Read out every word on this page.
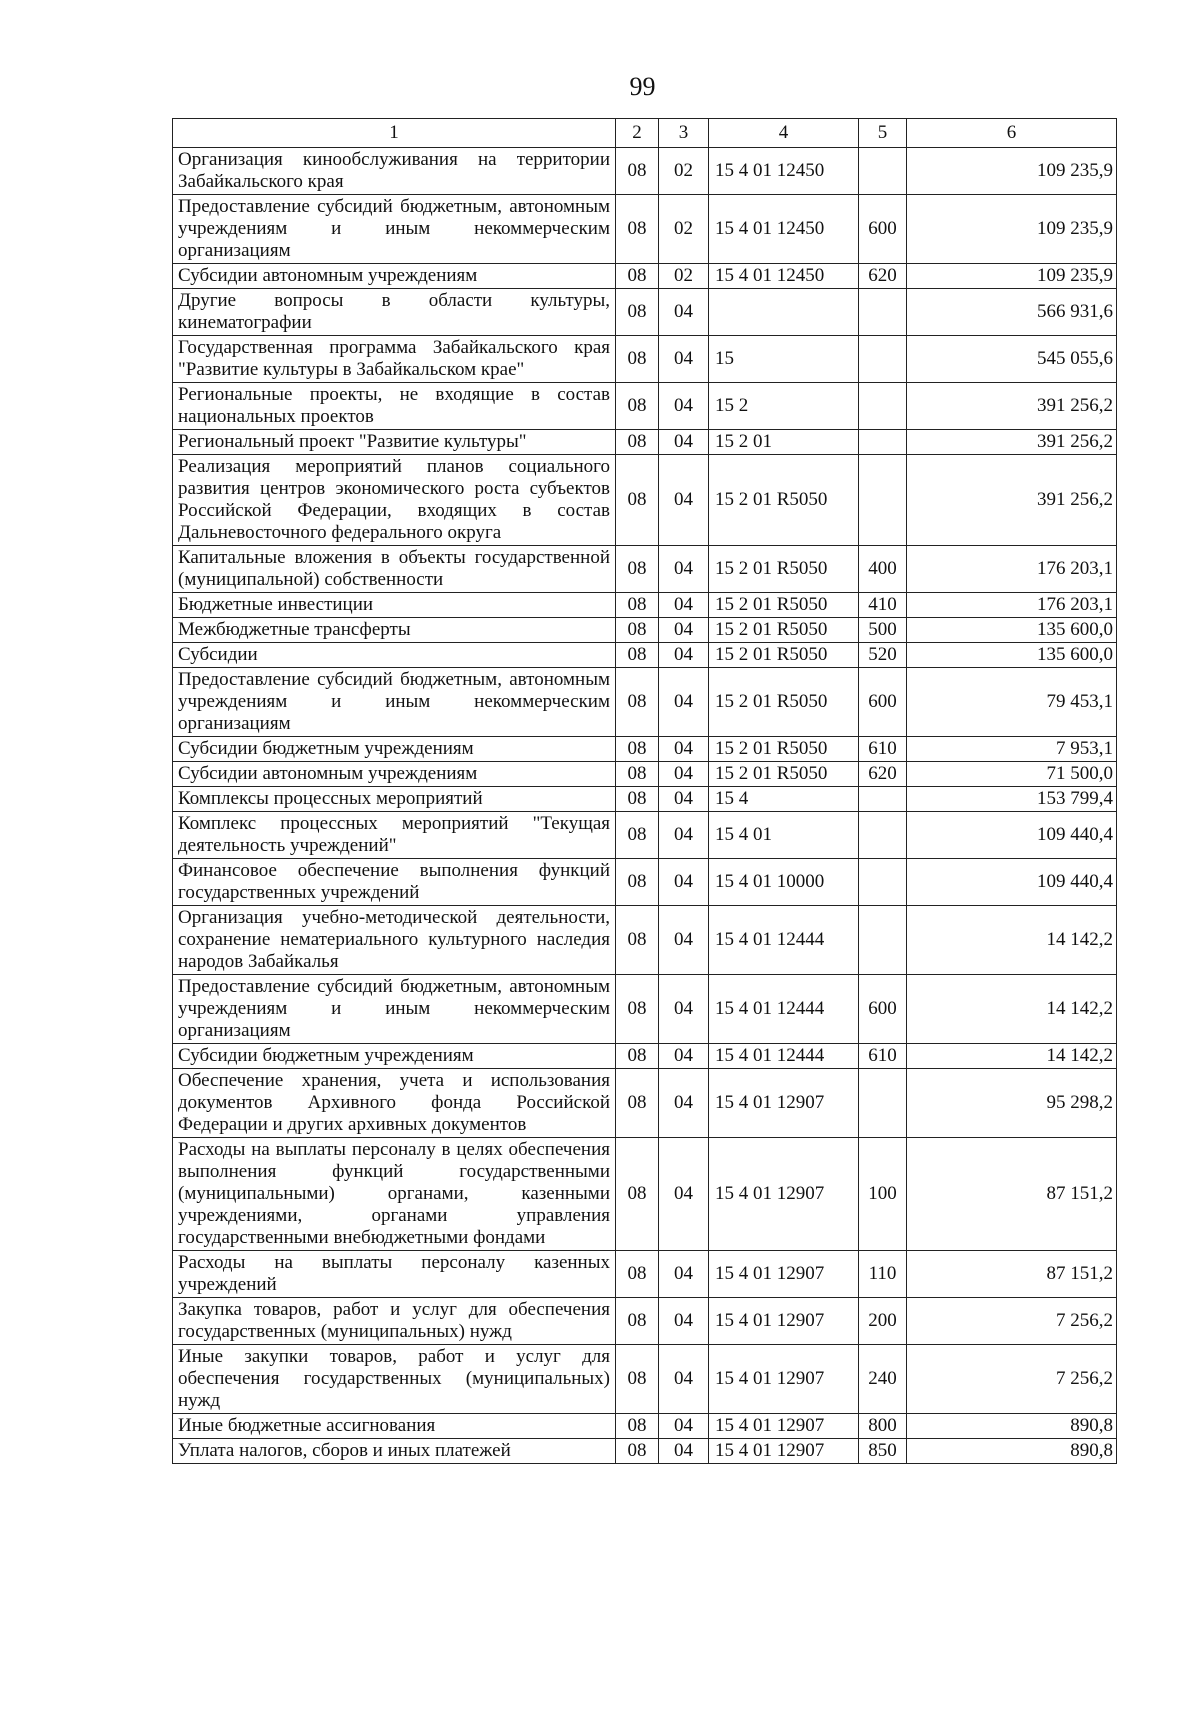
99
1	2	3	4	5	6
Организация кинообслуживания на территории Забайкальского края	08	02	15 4 01 12450		109 235,9
Предоставление субсидий бюджетным, автономным учреждениям и иным некоммерческим организациям	08	02	15 4 01 12450	600	109 235,9
Субсидии автономным учреждениям	08	02	15 4 01 12450	620	109 235,9
Другие вопросы в области культуры, кинематографии	08	04			566 931,6
Государственная программа Забайкальского края "Развитие культуры в Забайкальском крае"	08	04	15		545 055,6
Региональные проекты, не входящие в состав национальных проектов	08	04	15 2		391 256,2
Региональный проект "Развитие культуры"	08	04	15 2 01		391 256,2
Реализация мероприятий планов социального развития центров экономического роста субъектов Российской Федерации, входящих в состав Дальневосточного федерального округа	08	04	15 2 01 R5050		391 256,2
Капитальные вложения в объекты государственной (муниципальной) собственности	08	04	15 2 01 R5050	400	176 203,1
Бюджетные инвестиции	08	04	15 2 01 R5050	410	176 203,1
Межбюджетные трансферты	08	04	15 2 01 R5050	500	135 600,0
Субсидии	08	04	15 2 01 R5050	520	135 600,0
Предоставление субсидий бюджетным, автономным учреждениям и иным некоммерческим организациям	08	04	15 2 01 R5050	600	79 453,1
Субсидии бюджетным учреждениям	08	04	15 2 01 R5050	610	7 953,1
Субсидии автономным учреждениям	08	04	15 2 01 R5050	620	71 500,0
Комплексы процессных мероприятий	08	04	15 4		153 799,4
Комплекс процессных мероприятий "Текущая деятельность учреждений"	08	04	15 4 01		109 440,4
Финансовое обеспечение выполнения функций государственных учреждений	08	04	15 4 01 10000		109 440,4
Организация учебно-методической деятельности, сохранение нематериального культурного наследия народов Забайкалья	08	04	15 4 01 12444		14 142,2
Предоставление субсидий бюджетным, автономным учреждениям и иным некоммерческим организациям	08	04	15 4 01 12444	600	14 142,2
Субсидии бюджетным учреждениям	08	04	15 4 01 12444	610	14 142,2
Обеспечение хранения, учета и использования документов Архивного фонда Российской Федерации и других архивных документов	08	04	15 4 01 12907		95 298,2
Расходы на выплаты персоналу в целях обеспечения выполнения функций государственными (муниципальными) органами, казенными учреждениями, органами управления государственными внебюджетными фондами	08	04	15 4 01 12907	100	87 151,2
Расходы на выплаты персоналу казенных учреждений	08	04	15 4 01 12907	110	87 151,2
Закупка товаров, работ и услуг для обеспечения государственных (муниципальных) нужд	08	04	15 4 01 12907	200	7 256,2
Иные закупки товаров, работ и услуг для обеспечения государственных (муниципальных) нужд	08	04	15 4 01 12907	240	7 256,2
Иные бюджетные ассигнования	08	04	15 4 01 12907	800	890,8
Уплата налогов, сборов и иных платежей	08	04	15 4 01 12907	850	890,8
